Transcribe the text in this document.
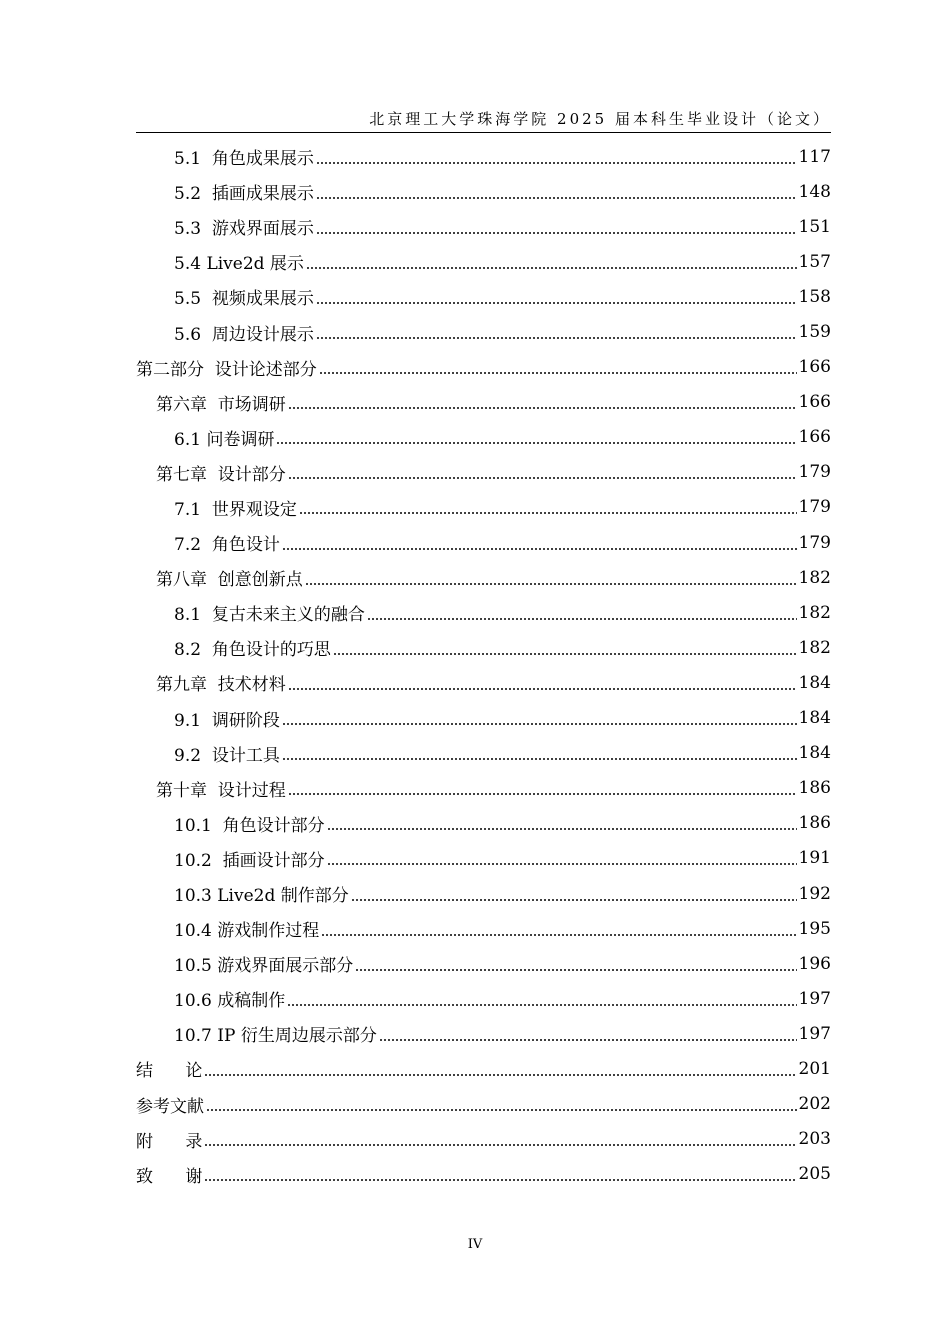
北京理工大学珠海学院 2025 届本科生毕业设计（论文）
5.1  角色成果展示	117
5.2  插画成果展示	148
5.3  游戏界面展示	151
5.4 Live2d 展示	157
5.5  视频成果展示	158
5.6  周边设计展示	159
第二部分  设计论述部分	166
第六章  市场调研	166
6.1 问卷调研	166
第七章  设计部分	179
7.1  世界观设定	179
7.2  角色设计	179
第八章  创意创新点	182
8.1  复古未来主义的融合	182
8.2  角色设计的巧思	182
第九章  技术材料	184
9.1  调研阶段	184
9.2  设计工具	184
第十章  设计过程	186
10.1  角色设计部分	186
10.2  插画设计部分	191
10.3 Live2d 制作部分	192
10.4 游戏制作过程	195
10.5 游戏界面展示部分	196
10.6 成稿制作	197
10.7 IP 衍生周边展示部分	197
结      论	201
参考文献	202
附      录	203
致      谢	205
IV
